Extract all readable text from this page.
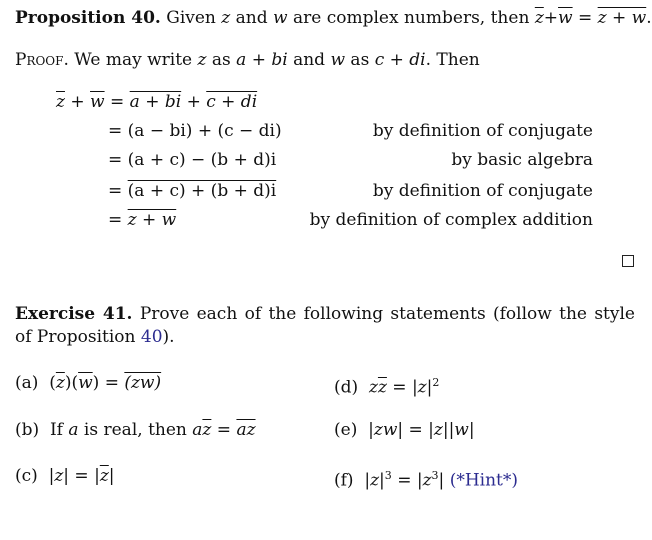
Proposition 40. Given z and w are complex numbers, then $\overline{z}+\overline{w} = z + w$.
Proof. We may write z as a + bi and w as c + di. Then
$\overline{z} + \overline{w} = a$ + bi + c + di
= (a − bi) + (c − di)	by definition of conjugate
= (a + c) − (b + d)i	by basic algebra
= (a + c) + (b + d)i	by definition of conjugate
= z + w	by definition of complex addition
Exercise 41. Prove each of the following statements (follow the style of Proposition 40).
(a) $(\overline{z})(\overline{w}) = (zw)$
(b) If a is real, then $a\overline{z} = \overline{az}$
(c) $|z| = |\overline{z}|$
(d) $z\overline{z} = |z|^2$
(e) |zw| = |z||w|
(f) $|z|^3 = |z^3|$ (*Hint*)
